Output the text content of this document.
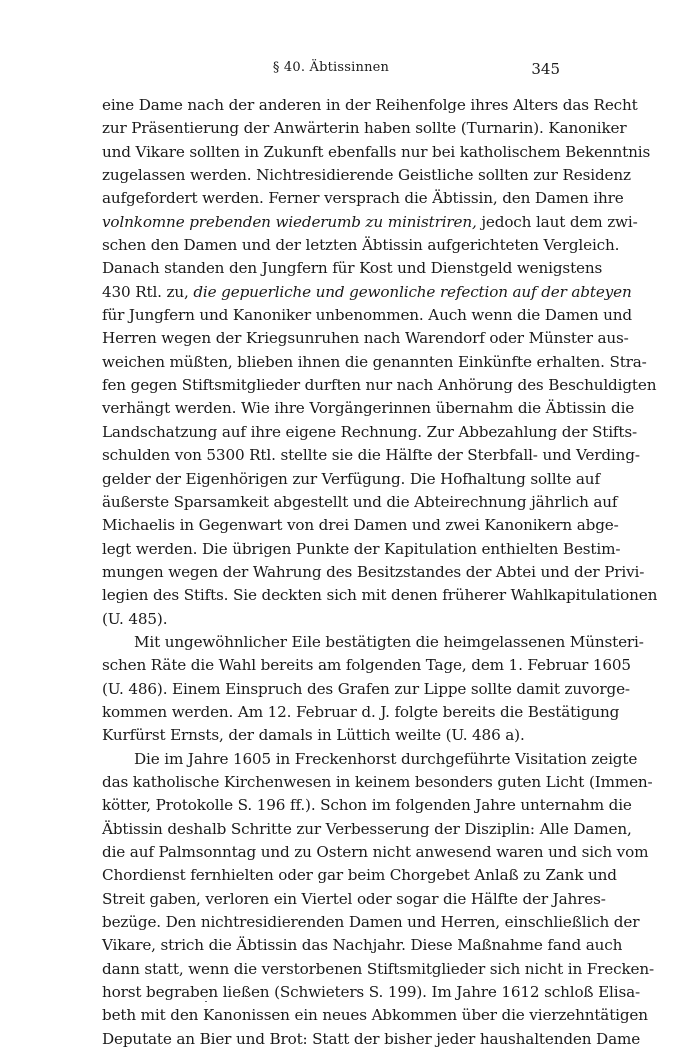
§ 40. Äbtissinnen	345
eine Dame nach der anderen in der Reihenfolge ihres Alters das Recht
zur Präsentierung der Anwärterin haben sollte (Turnarin). Kanoniker
und Vikare sollten in Zukunft ebenfalls nur bei katholischem Bekenntnis
zugelassen werden. Nichtresidierende Geistliche sollten zur Residenz
aufgefordert werden. Ferner versprach die Äbtissin, den Damen ihre
volnkomne prebenden wiederumb zu ministriren, jedoch laut dem zwi-
schen den Damen und der letzten Äbtissin aufgerichteten Vergleich.
Danach standen den Jungfern für Kost und Dienstgeld wenigstens
430 Rtl. zu, die gepuerliche und gewonliche refection auf der abteyen
für Jungfern und Kanoniker unbenommen. Auch wenn die Damen und
Herren wegen der Kriegsunruhen nach Warendorf oder Münster aus-
weichen müßten, blieben ihnen die genannten Einkünfte erhalten. Stra-
fen gegen Stiftsmitglieder durften nur nach Anhörung des Beschuldigten
verhängt werden. Wie ihre Vorgängerinnen übernahm die Äbtissin die
Landschatzung auf ihre eigene Rechnung. Zur Abbezahlung der Stifts-
schulden von 5300 Rtl. stellte sie die Hälfte der Sterbfall- und Verding-
gelder der Eigenhörigen zur Verfügung. Die Hofhaltung sollte auf
äußerste Sparsamkeit abgestellt und die Abteirechnung jährlich auf
Michaelis in Gegenwart von drei Damen und zwei Kanonikern abge-
legt werden. Die übrigen Punkte der Kapitulation enthielten Bestim-
mungen wegen der Wahrung des Besitzstandes der Abtei und der Privi-
legien des Stifts. Sie deckten sich mit denen früherer Wahlkapitulationen
(U. 485).
Mit ungewöhnlicher Eile bestätigten die heimgelassenen Münsteri-
schen Räte die Wahl bereits am folgenden Tage, dem 1. Februar 1605
(U. 486). Einem Einspruch des Grafen zur Lippe sollte damit zuvorge-
kommen werden. Am 12. Februar d. J. folgte bereits die Bestätigung
Kurfürst Ernsts, der damals in Lüttich weilte (U. 486 a).
Die im Jahre 1605 in Freckenhorst durchgeführte Visitation zeigte
das katholische Kirchenwesen in keinem besonders guten Licht (Immen-
kötter, Protokolle S. 196 ff.). Schon im folgenden Jahre unternahm die
Äbtissin deshalb Schritte zur Verbesserung der Disziplin: Alle Damen,
die auf Palmsonntag und zu Ostern nicht anwesend waren und sich vom
Chordienst fernhielten oder gar beim Chorgebet Anlaß zu Zank und
Streit gaben, verloren ein Viertel oder sogar die Hälfte der Jahres-
bezüge. Den nichtresidierenden Damen und Herren, einschließlich der
Vikare, strich die Äbtissin das Nachjahr. Diese Maßnahme fand auch
dann statt, wenn die verstorbenen Stiftsmitglieder sich nicht in Frecken-
horst begraben ließen (Schwieters S. 199). Im Jahre 1612 schloß Elisa-
beth mit den Kanonissen ein neues Abkommen über die vierzehntätigen
Deputate an Bier und Brot: Statt der bisher jeder haushaltenden Dame
